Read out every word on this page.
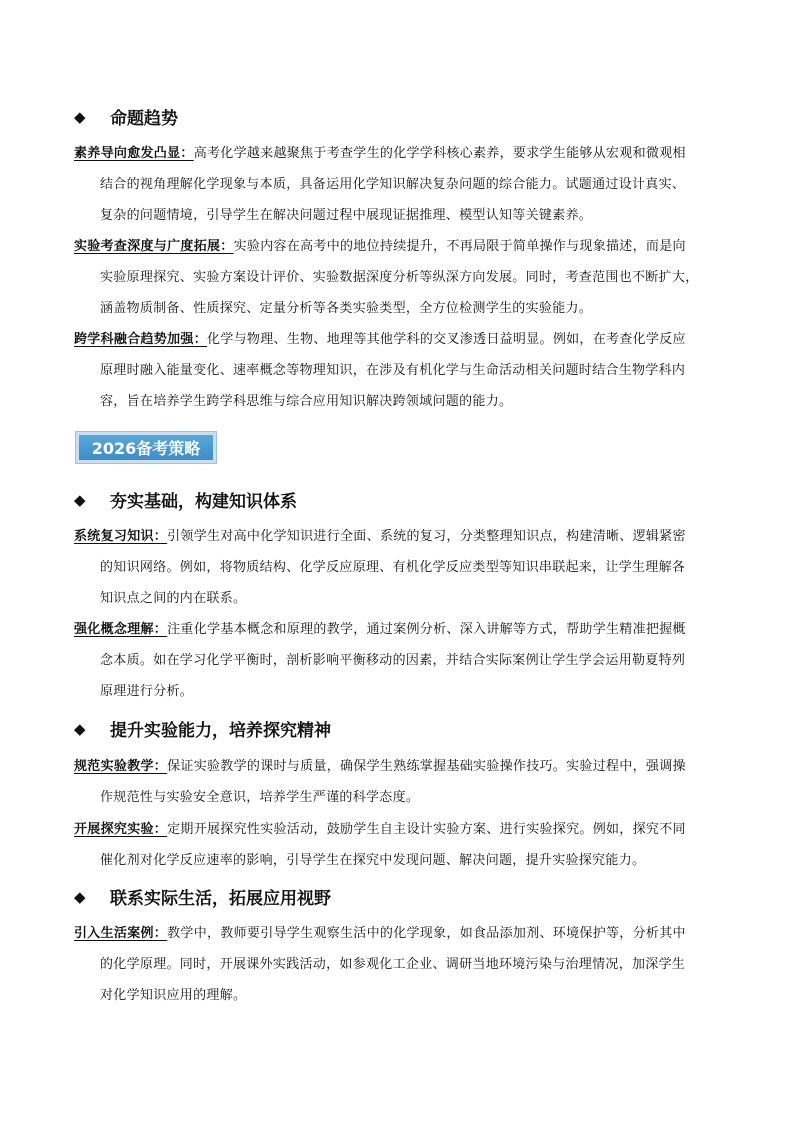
◆	命题趋势
素养导向愈发凸显：高考化学越来越聚焦于考查学生的化学学科核心素养，要求学生能够从宏观和微观相
结合的视角理解化学现象与本质，具备运用化学知识解决复杂问题的综合能力。试题通过设计真实、
复杂的问题情境，引导学生在解决问题过程中展现证据推理、模型认知等关键素养。
实验考查深度与广度拓展：实验内容在高考中的地位持续提升，不再局限于简单操作与现象描述，而是向
实验原理探究、实验方案设计评价、实验数据深度分析等纵深方向发展。同时，考查范围也不断扩大，
涵盖物质制备、性质探究、定量分析等各类实验类型，全方位检测学生的实验能力。
跨学科融合趋势加强：化学与物理、生物、地理等其他学科的交叉渗透日益明显。例如，在考查化学反应
原理时融入能量变化、速率概念等物理知识，在涉及有机化学与生命活动相关问题时结合生物学科内
容，旨在培养学生跨学科思维与综合应用知识解决跨领域问题的能力。
2026备考策略
◆	夯实基础，构建知识体系
系统复习知识：引领学生对高中化学知识进行全面、系统的复习，分类整理知识点，构建清晰、逻辑紧密
的知识网络。例如，将物质结构、化学反应原理、有机化学反应类型等知识串联起来，让学生理解各
知识点之间的内在联系。
强化概念理解：注重化学基本概念和原理的教学，通过案例分析、深入讲解等方式，帮助学生精准把握概
念本质。如在学习化学平衡时，剖析影响平衡移动的因素，并结合实际案例让学生学会运用勒夏特列
原理进行分析。
◆	提升实验能力，培养探究精神
规范实验教学：保证实验教学的课时与质量，确保学生熟练掌握基础实验操作技巧。实验过程中，强调操
作规范性与实验安全意识，培养学生严谨的科学态度。
开展探究实验：定期开展探究性实验活动，鼓励学生自主设计实验方案、进行实验探究。例如，探究不同
催化剂对化学反应速率的影响，引导学生在探究中发现问题、解决问题，提升实验探究能力。
◆	联系实际生活，拓展应用视野
引入生活案例：教学中，教师要引导学生观察生活中的化学现象，如食品添加剂、环境保护等，分析其中
的化学原理。同时，开展课外实践活动，如参观化工企业、调研当地环境污染与治理情况，加深学生
对化学知识应用的理解。
